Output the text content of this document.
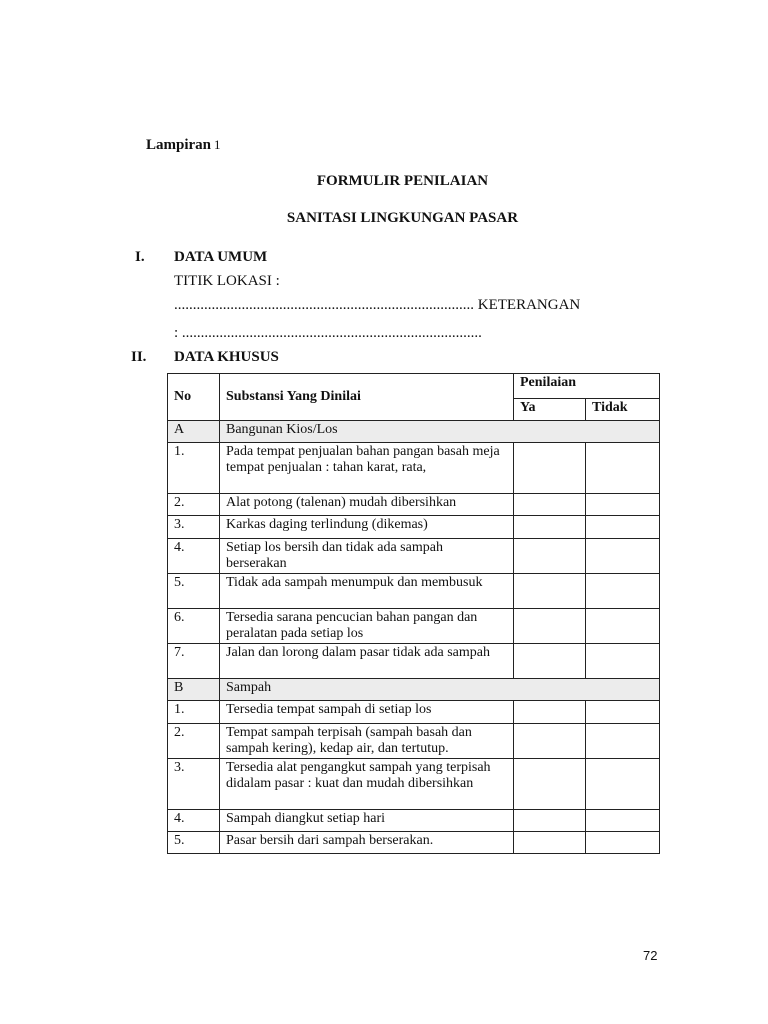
Lampiran 1
FORMULIR PENILAIAN
SANITASI LINGKUNGAN PASAR
I. DATA UMUM
TITIK LOKASI :
................................................................................ KETERANGAN
: ................................................................................
II. DATA KHUSUS
No	Substansi Yang Dinilai	Penilaian	
		Ya	Tidak
A	Bangunan Kios/Los		
1.	Pada tempat penjualan bahan pangan basah meja tempat penjualan : tahan karat, rata,		
2.	Alat potong (talenan) mudah dibersihkan		
3.	Karkas daging terlindung (dikemas)		
4.	Setiap los bersih dan tidak ada sampah berserakan		
5.	Tidak ada sampah menumpuk dan membusuk		
6.	Tersedia sarana pencucian bahan pangan dan peralatan pada setiap los		
7.	Jalan dan lorong dalam pasar tidak ada sampah		
B	Sampah		
1.	Tersedia tempat sampah di setiap los		
2.	Tempat sampah terpisah (sampah basah dan sampah kering), kedap air, dan tertutup.		
3.	Tersedia alat pengangkut sampah yang terpisah didalam pasar : kuat dan mudah dibersihkan		
4.	Sampah diangkut setiap hari		
5.	Pasar bersih dari sampah berserakan.		
72
